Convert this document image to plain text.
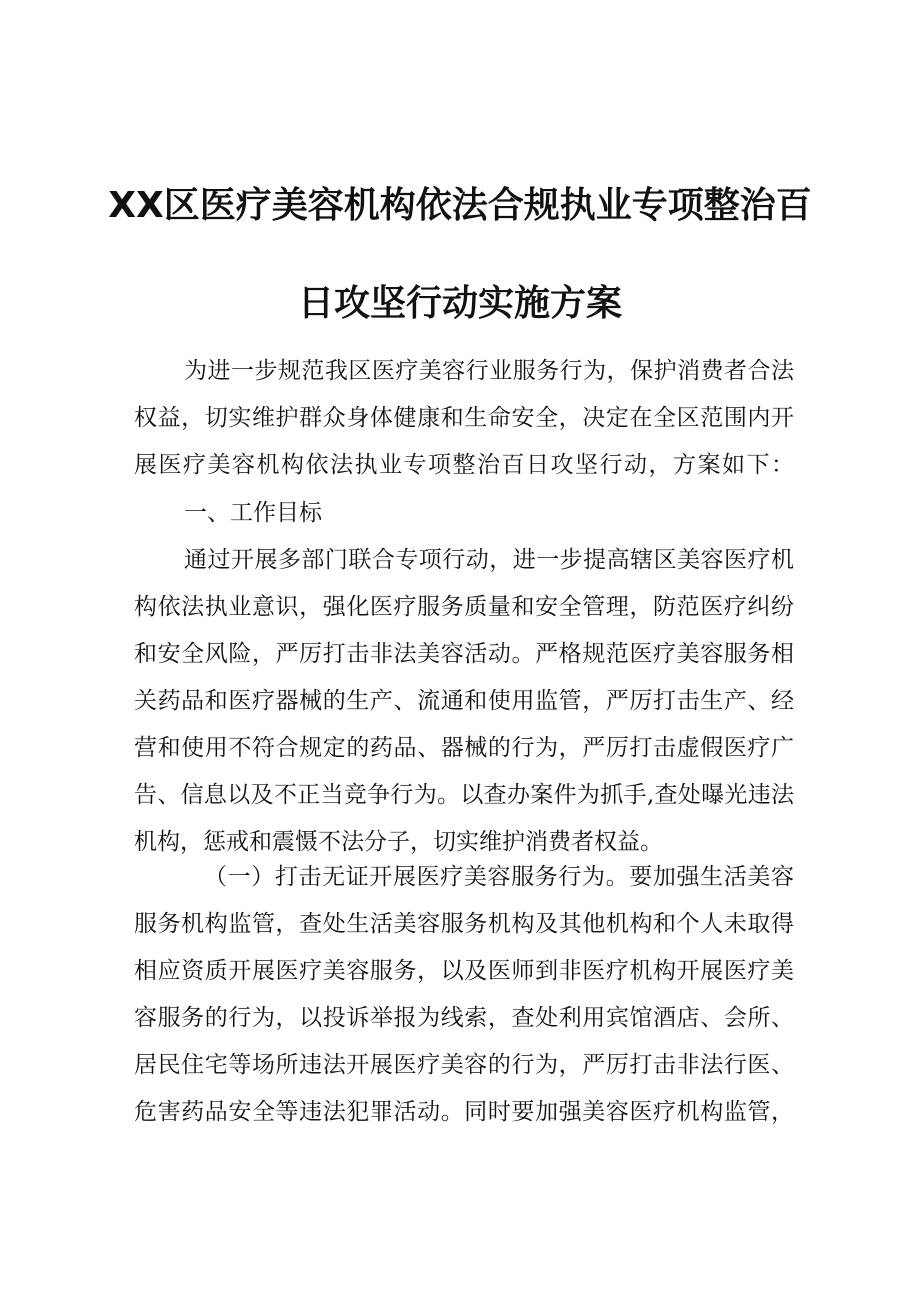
XX区医疗美容机构依法合规执业专项整治百
日攻坚行动实施方案
为进一步规范我区医疗美容行业服务行为，保护消费者合法
权益，切实维护群众身体健康和生命安全，决定在全区范围内开
展医疗美容机构依法执业专项整治百日攻坚行动，方案如下：
一、工作目标
通过开展多部门联合专项行动，进一步提高辖区美容医疗机
构依法执业意识，强化医疗服务质量和安全管理，防范医疗纠纷
和安全风险，严厉打击非法美容活动。严格规范医疗美容服务相
关药品和医疗器械的生产、流通和使用监管，严厉打击生产、经
营和使用不符合规定的药品、器械的行为，严厉打击虚假医疗广
告、信息以及不正当竞争行为。以查办案件为抓手,查处曝光违法
机构，惩戒和震慑不法分子，切实维护消费者权益。
（一）打击无证开展医疗美容服务行为。要加强生活美容
服务机构监管，查处生活美容服务机构及其他机构和个人未取得
相应资质开展医疗美容服务，以及医师到非医疗机构开展医疗美
容服务的行为，以投诉举报为线索，查处利用宾馆酒店、会所、
居民住宅等场所违法开展医疗美容的行为，严厉打击非法行医、
危害药品安全等违法犯罪活动。同时要加强美容医疗机构监管，
